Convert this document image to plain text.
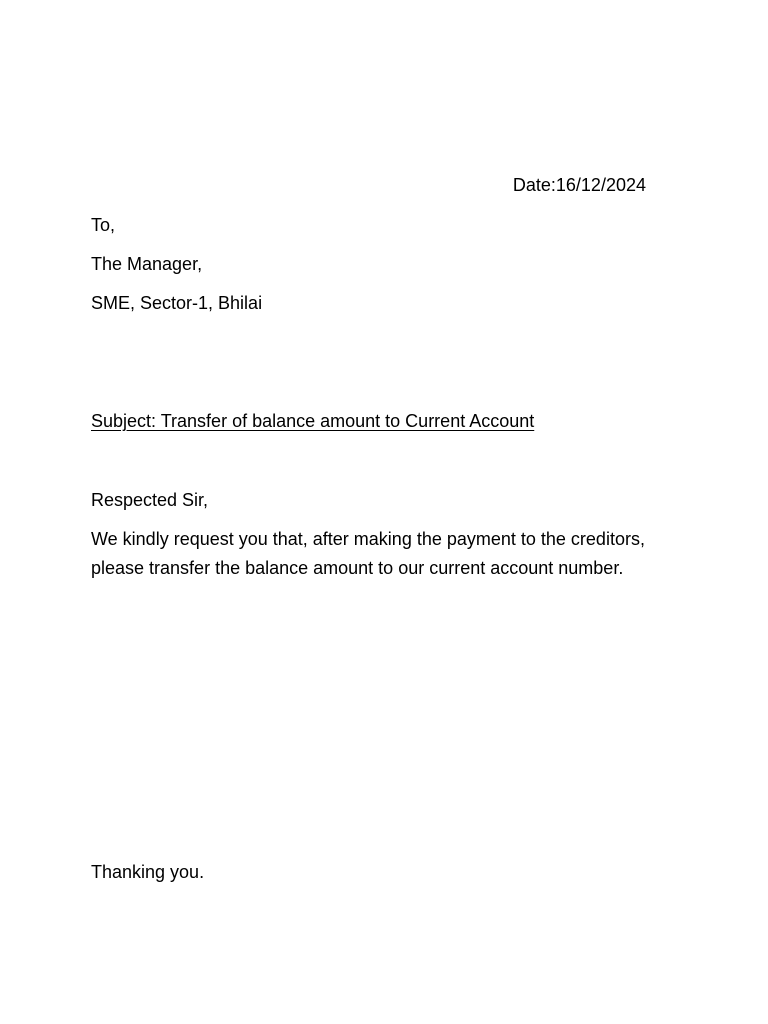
Date:16/12/2024
To,
The Manager,
SME, Sector-1, Bhilai
Subject: Transfer of balance amount to Current Account
Respected Sir,
We kindly request you that, after making the payment to the creditors, please transfer the balance amount to our current account number.
Thanking you.
